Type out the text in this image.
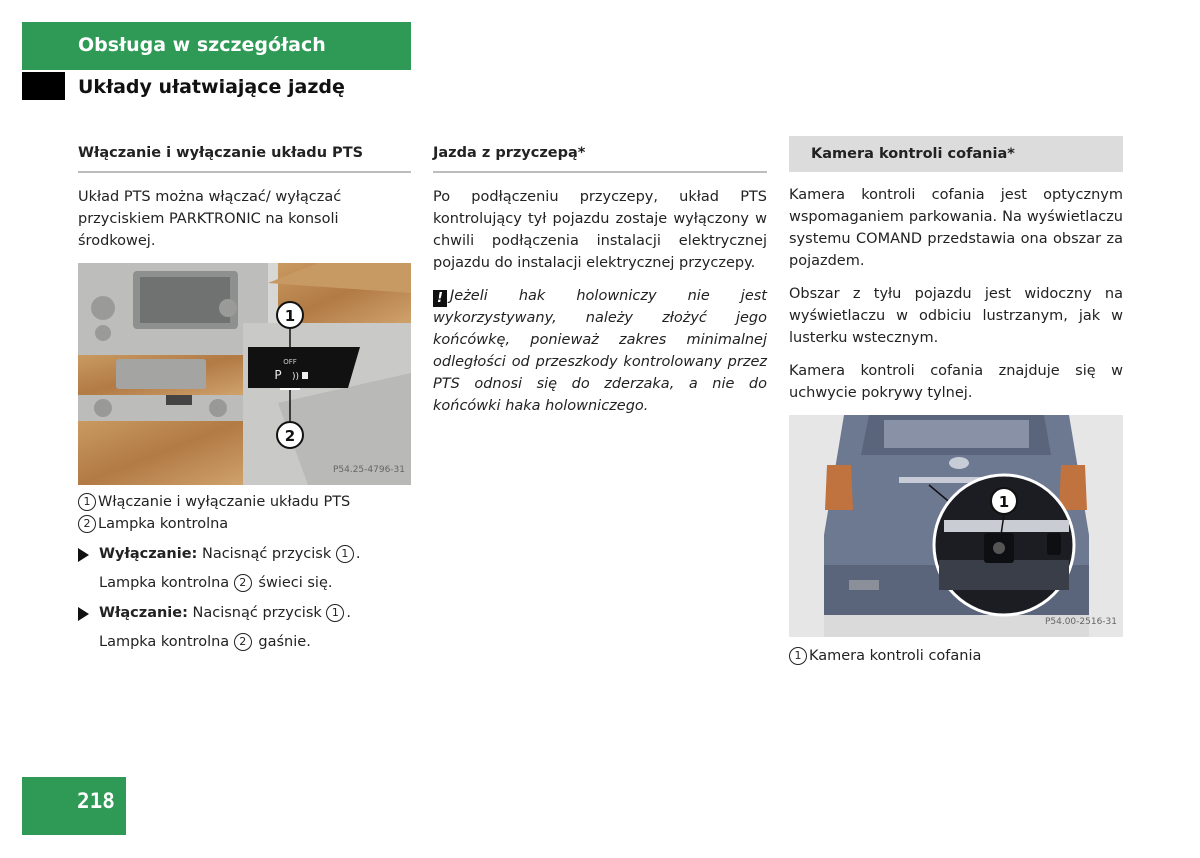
Obsługa w szczegółach
Układy ułatwiające jazdę
Włączanie i wyłączanie układu PTS

Układ PTS można włączać/ wyłączać przyciskiem PARKTRONIC na konsoli środkowej.

1
OFF
P ))
2
P54.25-4796-31
1 Włączanie i wyłączanie układu PTS
2 Lampka kontrolna
Wyłączanie: Nacisnąć przycisk 1 .
Lampka kontrolna 2 świeci się.
Włączanie: Nacisnąć przycisk 1 .
Lampka kontrolna 2 gaśnie.
Jazda z przyczepą*

Po podłączeniu przyczepy, układ PTS kontrolujący tył pojazdu zostaje wyłączony w chwili podłączenia instalacji elektrycznej pojazdu do instalacji elektrycznej przyczepy.

! Jeżeli hak holowniczy nie jest wykorzystywany, należy złożyć jego końcówkę, ponieważ zakres minimalnej odległości od przeszkody kontrolowany przez PTS odnosi się do zderzaka, a nie do końcówki haka holowniczego.

Kamera kontroli cofania*

Kamera kontroli cofania jest optycznym wspomaganiem parkowania. Na wyświetlaczu systemu COMAND przedstawia ona obszar za pojazdem.

Obszar z tyłu pojazdu jest widoczny na wyświetlaczu w odbiciu lustrzanym, jak w lusterku wstecznym.

Kamera kontroli cofania znajduje się w uchwycie pokrywy tylnej.

1
P54.00-2516-31
1 Kamera kontroli cofania
218
